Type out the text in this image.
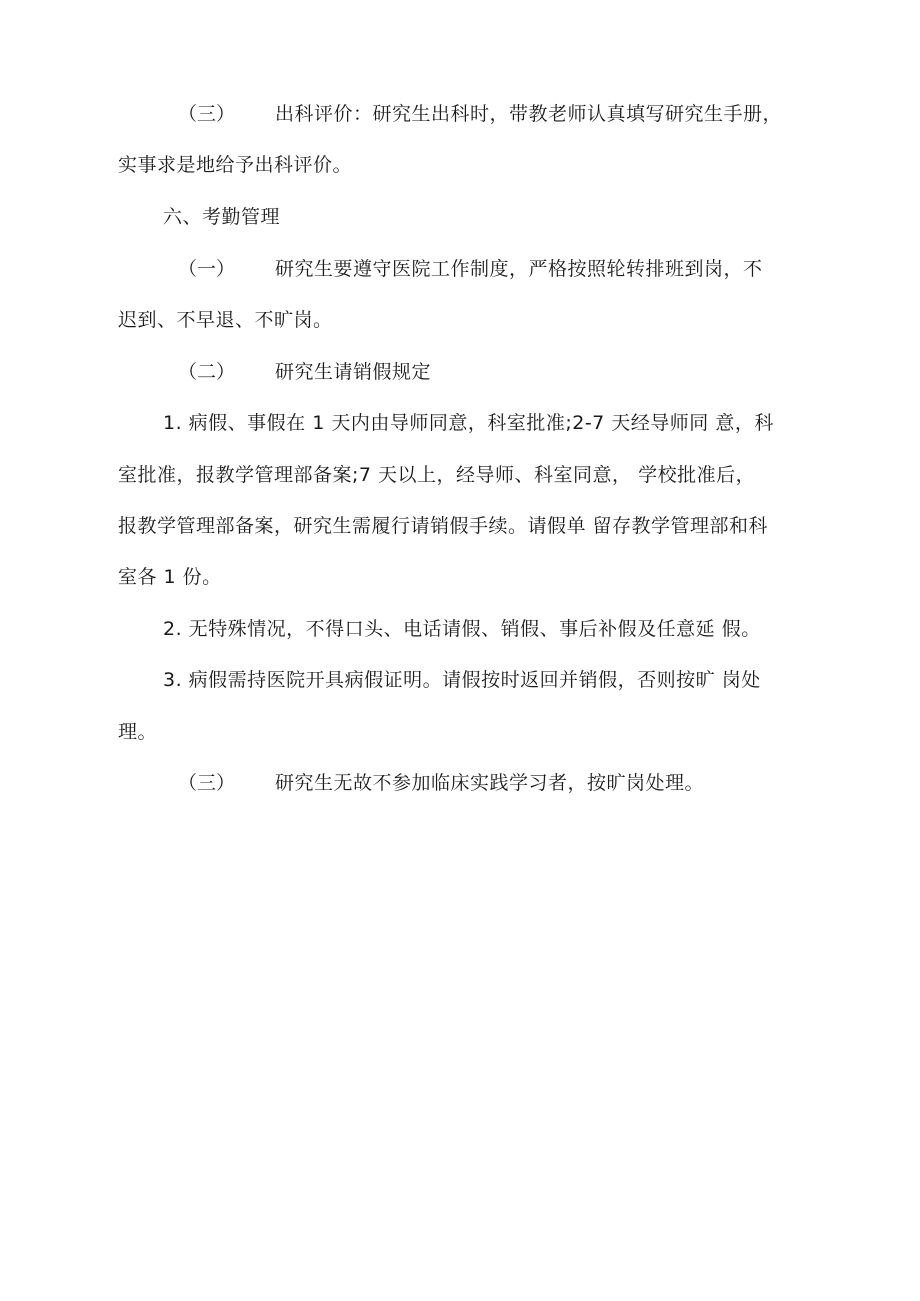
（三） 出科评价：研究生出科时，带教老师认真填写研究生手册，
实事求是地给予出科评价。
六、考勤管理
（一） 研究生要遵守医院工作制度，严格按照轮转排班到岗，不
迟到、不早退、不旷岗。
（二） 研究生请销假规定
1. 病假、事假在 1 天内由导师同意，科室批准;2-7 天经导师同 意，科
室批准，报教学管理部备案;7 天以上，经导师、科室同意， 学校批准后，
报教学管理部备案，研究生需履行请销假手续。请假单 留存教学管理部和科
室各 1 份。
2. 无特殊情况，不得口头、电话请假、销假、事后补假及任意延 假。
3. 病假需持医院开具病假证明。请假按时返回并销假，否则按旷 岗处
理。
（三） 研究生无故不参加临床实践学习者，按旷岗处理。
